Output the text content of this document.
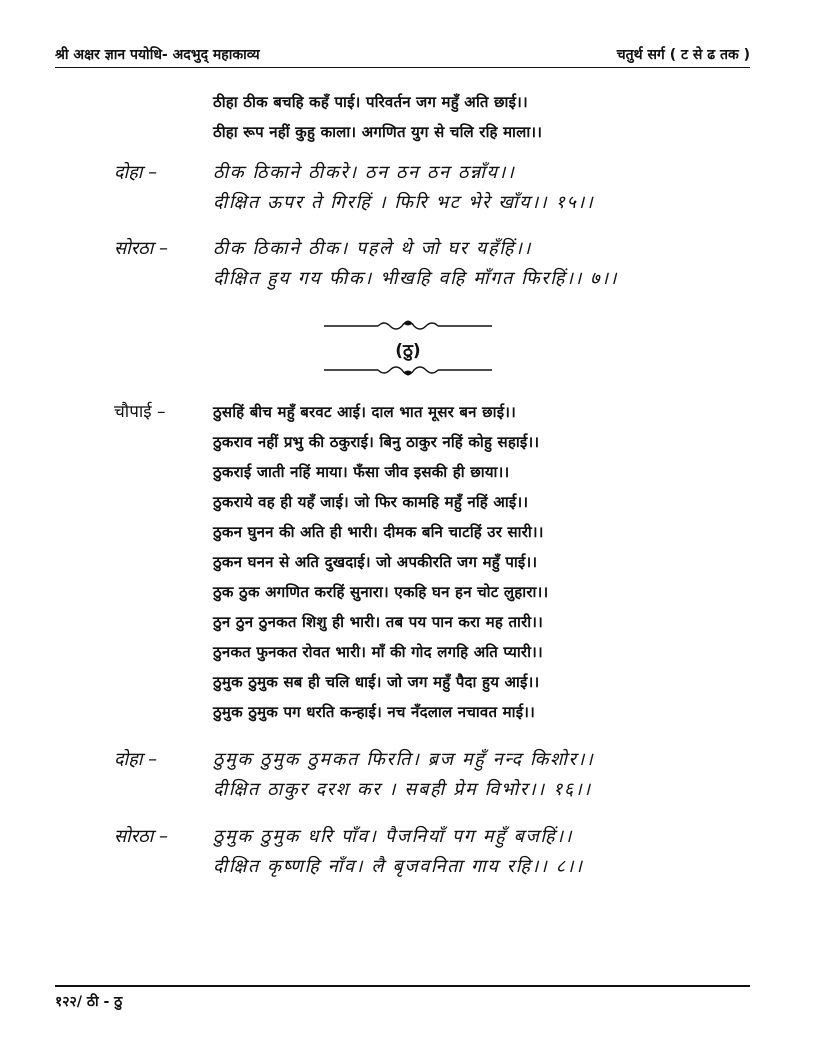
श्री अक्षर ज्ञान पयोधि- अदभुद् महाकाव्य	चतुर्थ सर्ग ( ट से ढ तक )
ठीहा ठीक बचहि कहँ पाई। परिवर्तन जग महुँ अति छाई।।
ठीहा रूप नहीं कुहु काला। अगणित युग से चलि रहि माला।।
दोहा –	ठीक ठिकाने ठीकरे। ठन ठन ठन ठन्नाँय।।
दीक्षित ऊपर ते गिरहिं । फिरि भट भेरे खाँय।। १५।।
सोरठा – ठीक ठिकाने ठीक। पहले थे जो घर यहँहिं।।
दीक्षित हुय गय फीक। भीखहि वहि माँगत फिरहिं।। ७।।
(ठु)
चौपाई –	ठुसहिं बीच महुँ बरवट आई। दाल भात मूसर बन छाई।।
ठुकराव नहीं प्रभु की ठकुराई। बिनु ठाकुर नहिं कोहु सहाई।।
ठुकराई जाती नहिं माया। फँसा जीव इसकी ही छाया।।
ठुकराये वह ही यहँ जाई। जो फिर कामहि महुँ नहिं आई।।
ठुकन घुनन की अति ही भारी। दीमक बनि चाटहिं उर सारी।।
ठुकन घनन से अति दुखदाई। जो अपकीरति जग महुँ पाई।।
ठुक ठुक अगणित करहिं सुनारा। एकहि घन हन चोट लुहारा।।
ठुन ठुन ठुनकत शिशु ही भारी। तब पय पान करा मह तारी।।
ठुनकत फुनकत रोवत भारी। माँ की गोद लगहि अति प्यारी।।
ठुमुक ठुमुक सब ही चलि धाई। जो जग महुँ पैदा हुय आई।।
ठुमुक ठुमुक पग धरति कन्हाई। नच नँदलाल नचावत माई।।
दोहा –	ठुमुक ठुमुक ठुमकत फिरति। ब्रज महुँ नन्द किशोर।।
दीक्षित ठाकुर दरश कर । सबही प्रेम विभोर।। १६।।
सोरठा – ठुमुक ठुमुक धरि पाँव। पैजनियाँ पग महुँ बजहिं।।
दीक्षित कृष्णहि नाँव। लै बृजवनिता गाय रहि।। ८।।
१२२/ ठी - ठु
